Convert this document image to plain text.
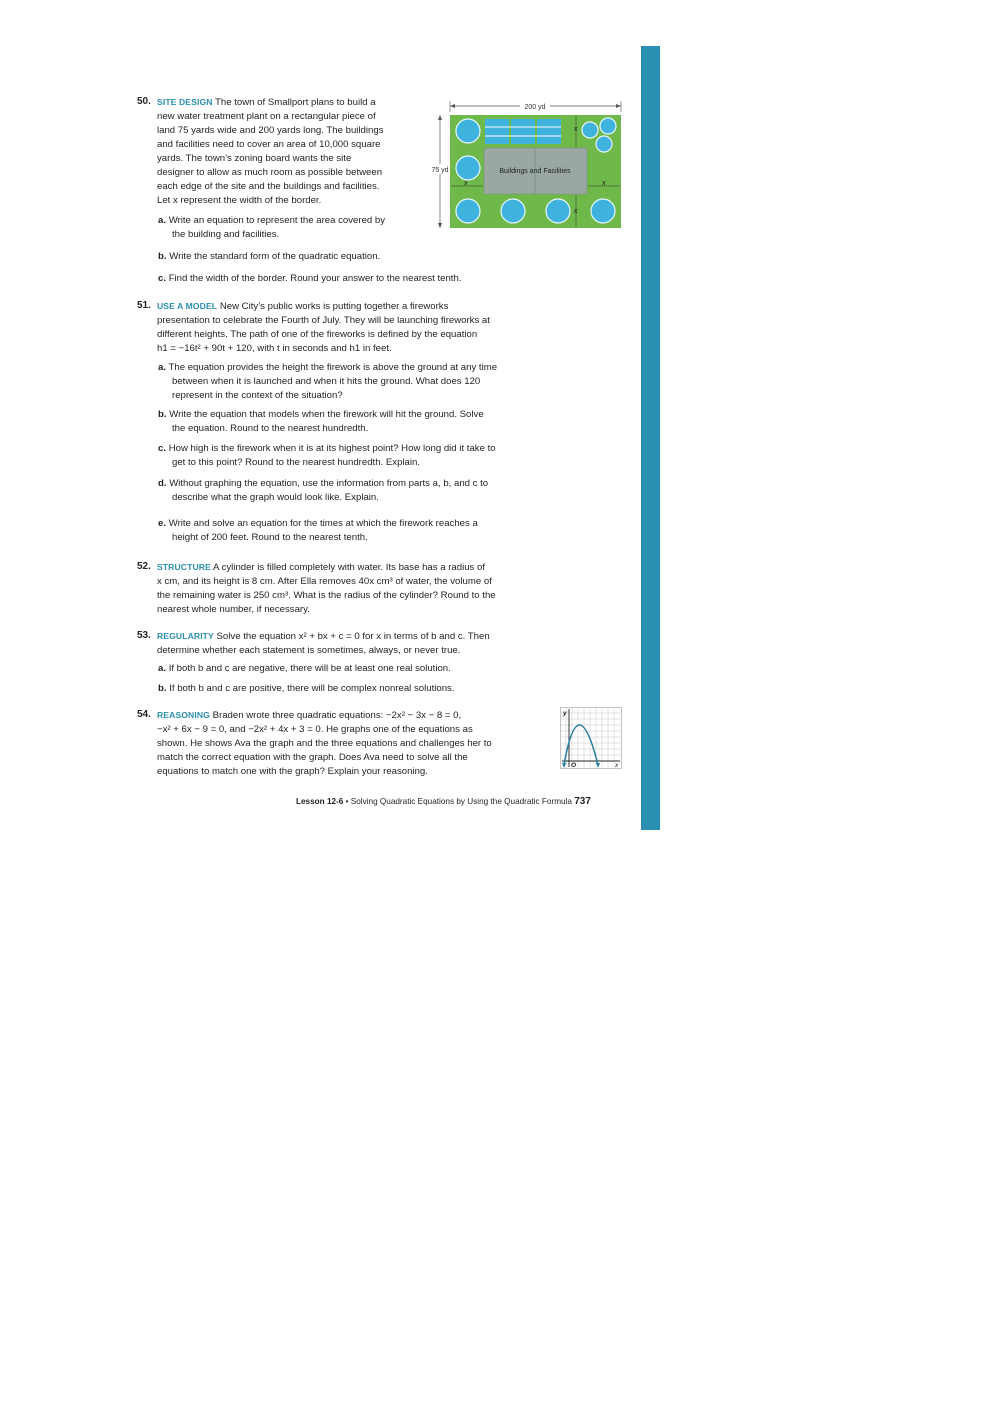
50. SITE DESIGN The town of Smallport plans to build a
new water treatment plant on a rectangular piece of
land 75 yards wide and 200 yards long. The buildings
and facilities need to cover an area of 10,000 square
yards. The town’s zoning board wants the site
designer to allow as much room as possible between
each edge of the site and the buildings and facilities.
Let x represent the width of the border.
a. Write an equation to represent the area covered by
the building and facilities.
b. Write the standard form of the quadratic equation.
c. Find the width of the border. Round your answer to the nearest tenth.
200 yd
75 yd	Buildings and Facilities
x
x
x	x
51. USE A MODEL New City’s public works is putting together a fireworks
presentation to celebrate the Fourth of July. They will be launching fireworks at
different heights. The path of one of the fireworks is defined by the equation
h1 = −16t² + 90t + 120, with t in seconds and h1 in feet.
a. The equation provides the height the firework is above the ground at any time
between when it is launched and when it hits the ground. What does 120
represent in the context of the situation?
b. Write the equation that models when the firework will hit the ground. Solve
the equation. Round to the nearest hundredth.
c. How high is the firework when it is at its highest point? How long did it take to
get to this point? Round to the nearest hundredth. Explain.
d. Without graphing the equation, use the information from parts a, b, and c to
describe what the graph would look like. Explain.
e. Write and solve an equation for the times at which the firework reaches a
height of 200 feet. Round to the nearest tenth.
52. STRUCTURE A cylinder is filled completely with water. Its base has a radius of
x cm, and its height is 8 cm. After Ella removes 40x cm³ of water, the volume of
the remaining water is 250 cm³. What is the radius of the cylinder? Round to the
nearest whole number, if necessary.
53. REGULARITY Solve the equation x² + bx + c = 0 for x in terms of b and c. Then
determine whether each statement is sometimes, always, or never true.
a. If both b and c are negative, there will be at least one real solution.
b. If both b and c are positive, there will be complex nonreal solutions.
54. REASONING Braden wrote three quadratic equations: −2x² − 3x − 8 = 0,
−x² + 6x − 9 = 0, and −2x² + 4x + 3 = 0. He graphs one of the equations as
shown. He shows Ava the graph and the three equations and challenges her to
match the correct equation with the graph. Does Ava need to solve all the
equations to match one with the graph? Explain your reasoning.
y
x
O
Lesson 12-6 • Solving Quadratic Equations by Using the Quadratic Formula 737
